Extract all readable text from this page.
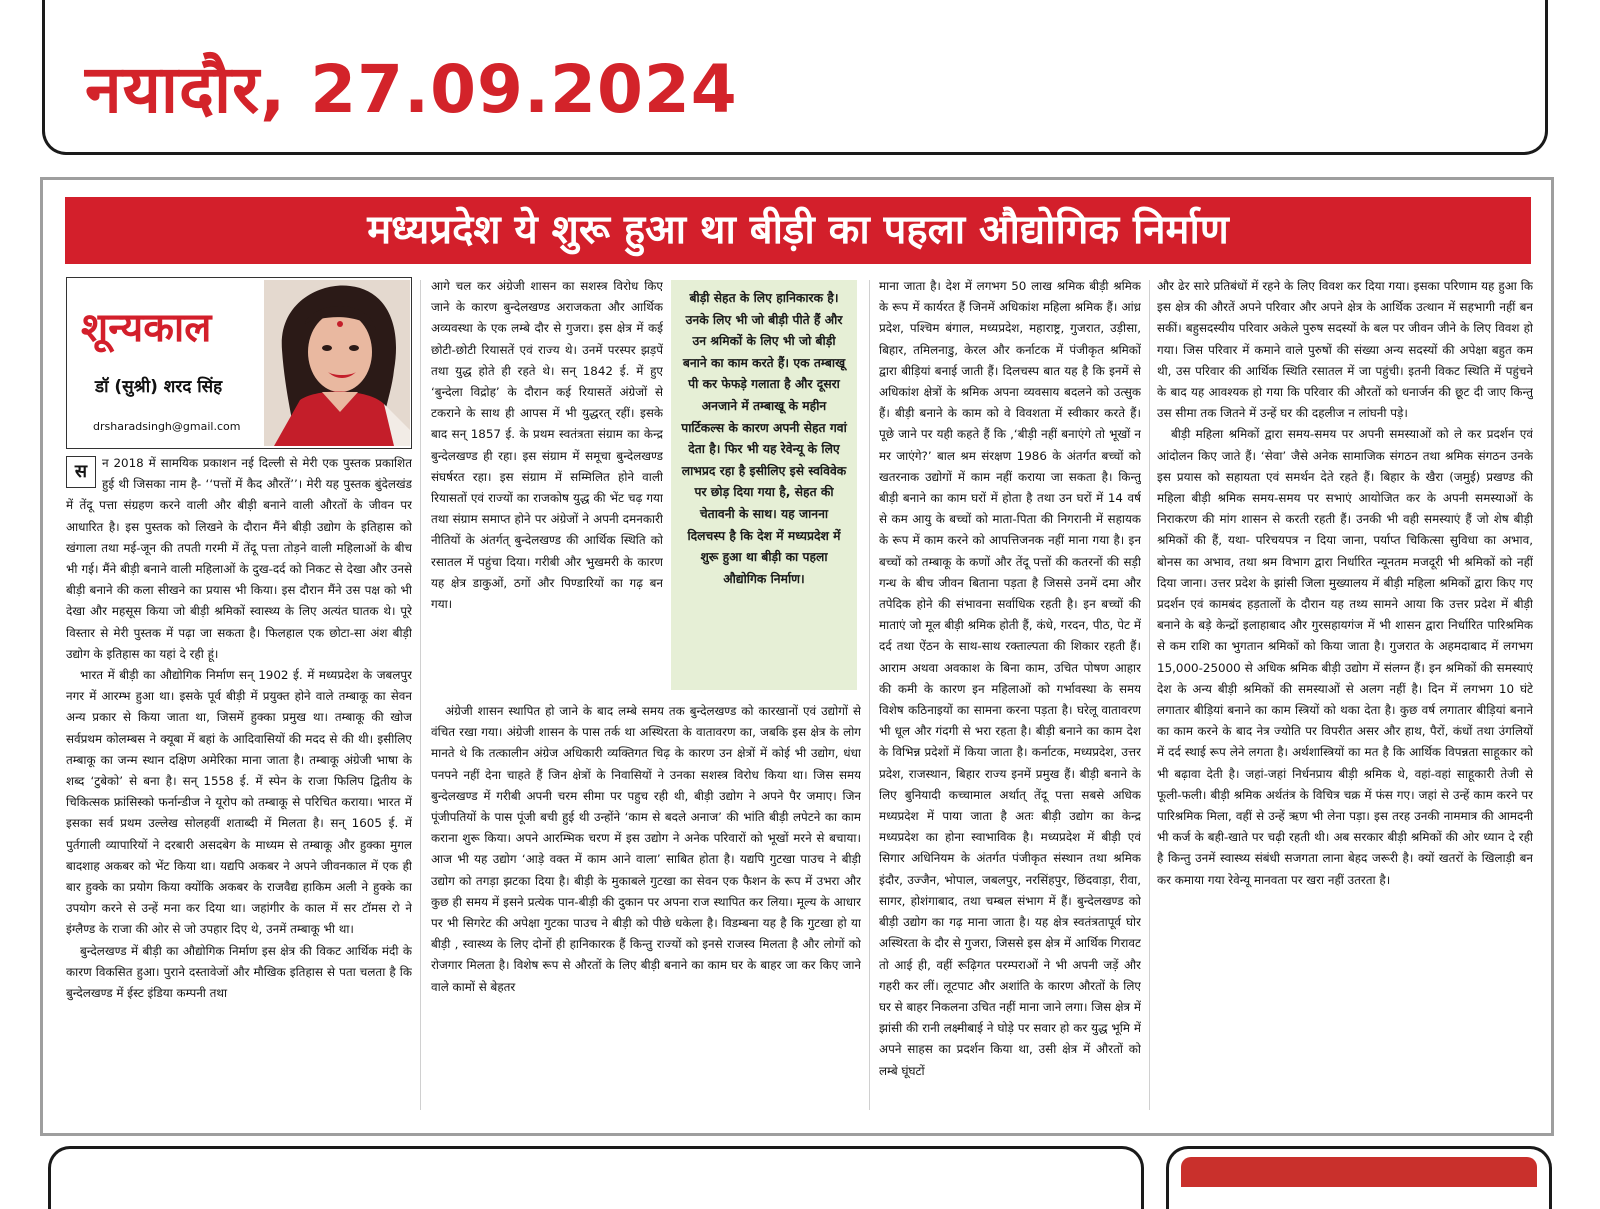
नयादौर, 27.09.2024
मध्यप्रदेश ये शुरू हुआ था बीड़ी का पहला औद्योगिक निर्माण
शून्यकाल
डॉ (सुश्री) शरद सिंह
drsharadsingh@gmail.com

स	न 2018 में सामयिक प्रकाशन नई दिल्ली से मेरी एक पुस्तक प्रकाशित हुई थी जिसका नाम है- ‘‘पत्तों में कैद औरतें’’। मेरी यह पुस्तक बुंदेलखंड में तेंदू पत्ता संग्रहण करने वाली और बीड़ी बनाने वाली औरतों के जीवन पर आधारित है। इस पुस्तक को लिखने के दौरान मैंने बीड़ी उद्योग के इतिहास को खंगाला तथा मई-जून की तपती गरमी में तेंदू पत्ता तोड़ने वाली महिलाओं के बीच भी गई। मैंने बीड़ी बनाने वाली महिलाओं के दुख-दर्द को निकट से देखा और उनसे बीड़ी बनाने की कला सीखने का प्रयास भी किया। इस दौरान मैंने उस पक्ष को भी देखा और महसूस किया जो बीड़ी श्रमिकों स्वास्थ्य के लिए अत्यंत घातक थे। पूरे विस्तार से मेरी पुस्तक में पढ़ा जा सकता है। फिलहाल एक छोटा-सा अंश बीड़ी उद्योग के इतिहास का यहां दे रही हूं।

भारत में बीड़ी का औद्योगिक निर्माण सन् 1902 ई. में मध्यप्रदेश के जबलपुर नगर में आरम्भ हुआ था। इसके पूर्व बीड़ी में प्रयुक्त होने वाले तम्बाकू का सेवन अन्य प्रकार से किया जाता था, जिसमें हुक्का प्रमुख था। तम्बाकू की खोज सर्वप्रथम कोलम्बस ने क्यूबा में बहां के आदिवासियों की मदद से की थी। इसीलिए तम्बाकू का जन्म स्थान दक्षिण अमेरिका माना जाता है। तम्बाकू अंग्रेजी भाषा के शब्द ‘टुबेको’ से बना है। सन् 1558 ई. में स्पेन के राजा फिलिप द्वितीय के चिकित्सक फ्रांसिस्को फर्नान्डीज ने यूरोप को तम्बाकू से परिचित कराया। भारत में इसका सर्व प्रथम उल्लेख सोलहवीं शताब्दी में मिलता है। सन् 1605 ई. में पुर्तगाली व्यापारियों ने दरबारी असदबेग के माध्यम से तम्बाकू और हुक्का मुगल बादशाह अकबर को भेंट किया था। यद्यपि अकबर ने अपने जीवनकाल में एक ही बार हुक्के का प्रयोग किया क्योंकि अकबर के राजवैद्य हाकिम अली ने हुक्के का उपयोग करने से उन्हें मना कर दिया था। जहांगीर के काल में सर टॉमस रो ने इंग्लैण्ड के राजा की ओर से जो उपहार दिए थे, उनमें तम्बाकू भी था।

बुन्देलखण्ड में बीड़ी का औद्योगिक निर्माण इस क्षेत्र की विकट आर्थिक मंदी के कारण विकसित हुआ। पुराने दस्तावेजों और मौखिक इतिहास से पता चलता है कि बुन्देलखण्ड में ईस्ट इंडिया कम्पनी तथा

आगे चल कर अंग्रेजी शासन का सशस्त्र विरोध किए जाने के कारण बुन्देलखण्ड अराजकता और आर्थिक अव्यवस्था के एक लम्बे दौर से गुजरा। इस क्षेत्र में कई छोटी-छोटी रियासतें एवं राज्य थे। उनमें परस्पर झड़पें तथा युद्ध होते ही रहते थे। सन् 1842 ई. में हुए ‘बुन्देला विद्रोह’ के दौरान कई रियासतें अंग्रेजों से टकराने के साथ ही आपस में भी युद्धरत् रहीं। इसके बाद सन् 1857 ई. के प्रथम स्वतंत्रता संग्राम का केन्द्र बुन्देलखण्ड ही रहा। इस संग्राम में समूचा बुन्देलखण्ड संघर्षरत रहा। इस संग्राम में सम्मिलित होने वाली रियासतों एवं राज्यों का राजकोष युद्ध की भेंट चढ़ गया तथा संग्राम समाप्त होने पर अंग्रेजों ने अपनी दमनकारी नीतियों के अंतर्गत् बुन्देलखण्ड की आर्थिक स्थिति को रसातल में पहुंचा दिया। गरीबी और भुखमरी के कारण यह क्षेत्र डाकुओं, ठगों और पिण्डारियों का गढ़ बन गया।

बीड़ी सेहत के लिए हानिकारक है। उनके लिए भी जो बीड़ी पीते हैं और उन श्रमिकों के लिए भी जो बीड़ी बनाने का काम करते हैं। एक तम्बाखू पी कर फेफड़े गलाता है और दूसरा अनजाने में तम्बाखू के महीन पार्टिकल्स के कारण अपनी सेहत गवां देता है। फिर भी यह रेवेन्यू के लिए लाभप्रद रहा है इसीलिए इसे स्वविवेक पर छोड़ दिया गया है, सेहत की चेतावनी के साथ। यह जानना दिलचस्प है कि देश में मध्यप्रदेश में शुरू हुआ था बीड़ी का पहला औद्योगिक निर्माण।

अंग्रेजी शासन स्थापित हो जाने के बाद लम्बे समय तक बुन्देलखण्ड को कारखानों एवं उद्योगों से वंचित रखा गया। अंग्रेजी शासन के पास तर्क था अस्थिरता के वातावरण का, जबकि इस क्षेत्र के लोग मानते थे कि तत्कालीन अंग्रेज अधिकारी व्यक्तिगत चिढ़ के कारण उन क्षेत्रों में कोई भी उद्योग, धंधा पनपने नहीं देना चाहते हैं जिन क्षेत्रों के निवासियों ने उनका सशस्त्र विरोध किया था। जिस समय बुन्देलखण्ड में गरीबी अपनी चरम सीमा पर पहुच रही थी, बीड़ी उद्योग ने अपने पैर जमाए। जिन पूंजीपतियों के पास पूंजी बची हुई थी उन्होंने ‘काम से बदले अनाज’ की भांति बीड़ी लपेटने का काम कराना शुरू किया। अपने आरम्भिक चरण में इस उद्योग ने अनेक परिवारों को भूखों मरने से बचाया। आज भी यह उद्योग ‘आड़े वक्त में काम आने वाला’ साबित होता है। यद्यपि गुटखा पाउच ने बीड़ी उद्योग को तगड़ा झटका दिया है। बीड़ी के मुकाबले गुटखा का सेवन एक फैशन के रूप में उभरा और कुछ ही समय में इसने प्रत्येक पान-बीड़ी की दुकान पर अपना राज स्थापित कर लिया। मूल्य के आधार पर भी सिगरेट की अपेक्षा गुटका पाउच ने बीड़ी को पीछे धकेला है। विडम्बना यह है कि गुटखा हो या बीड़ी , स्वास्थ्य के लिए दोनों ही हानिकारक हैं किन्तु राज्यों को इनसे राजस्व मिलता है और लोगों को रोजगार मिलता है। विशेष रूप से औरतों के लिए बीड़ी बनाने का काम घर के बाहर जा कर किए जाने वाले कामों से बेहतर

माना जाता है। देश में लगभग 50 लाख श्रमिक बीड़ी श्रमिक के रूप में कार्यरत हैं जिनमें अधिकांश महिला श्रमिक हैं। आंध्र प्रदेश, पश्चिम बंगाल, मध्यप्रदेश, महाराष्ट्र, गुजरात, उड़ीसा, बिहार, तमिलनाडु, केरल और कर्नाटक में पंजीकृत श्रमिकों द्वारा बीड़ियां बनाई जाती हैं। दिलचस्प बात यह है कि इनमें से अधिकांश क्षेत्रों के श्रमिक अपना व्यवसाय बदलने को उत्सुक हैं। बीड़ी बनाने के काम को वे विवशता में स्वीकार करते हैं। पूछे जाने पर यही कहते हैं कि ,‘बीड़ी नहीं बनाएंगे तो भूखों न मर जाएंगे?’ बाल श्रम संरक्षण 1986 के अंतर्गत बच्चों को खतरनाक उद्योगों में काम नहीं कराया जा सकता है। किन्तु बीड़ी बनाने का काम घरों में होता है तथा उन घरों में 14 वर्ष से कम आयु के बच्चों को माता-पिता की निगरानी में सहायक के रूप में काम करने को आपत्तिजनक नहीं माना गया है। इन बच्चों को तम्बाकू के कणों और तेंदू पत्तों की कतरनों की सड़ी गन्ध के बीच जीवन बिताना पड़ता है जिससे उनमें दमा और तपेदिक होने की संभावना सर्वाधिक रहती है। इन बच्चों की माताएं जो मूल बीड़ी श्रमिक होती हैं, कंधे, गरदन, पीठ, पेट में दर्द तथा ऐंठन के साथ-साथ रक्ताल्पता की शिकार रहती हैं। आराम अथवा अवकाश के बिना काम, उचित पोषण आहार की कमी के कारण इन महिलाओं को गर्भावस्था के समय विशेष कठिनाइयों का सामना करना पड़ता है। घरेलू वातावरण भी धूल और गंदगी से भरा रहता है। बीड़ी बनाने का काम देश के विभिन्न प्रदेशों में किया जाता है। कर्नाटक, मध्यप्रदेश, उत्तर प्रदेश, राजस्थान, बिहार राज्य इनमें प्रमुख हैं। बीड़ी बनाने के लिए बुनियादी कच्चामाल अर्थात् तेंदू पत्ता सबसे अधिक मध्यप्रदेश में पाया जाता है अतः बीड़ी उद्योग का केन्द्र मध्यप्रदेश का होना स्वाभाविक है। मध्यप्रदेश में बीड़ी एवं सिगार अधिनियम के अंतर्गत पंजीकृत संस्थान तथा श्रमिक इंदौर, उज्जैन, भोपाल, जबलपुर, नरसिंहपुर, छिंदवाड़ा, रीवा, सागर, होशंगाबाद, तथा चम्बल संभाग में हैं। बुन्देलखण्ड को बीड़ी उद्योग का गढ़ माना जाता है। यह क्षेत्र स्वतंत्रतापूर्व घोर अस्थिरता के दौर से गुजरा, जिससे इस क्षेत्र में आर्थिक गिरावट तो आई ही, वहीं रूढ़िगत परम्पराओं ने भी अपनी जड़ें और गहरी कर लीं। लूटपाट और अशांति के कारण औरतों के लिए घर से बाहर निकलना उचित नहीं माना जाने लगा। जिस क्षेत्र में झांसी की रानी लक्ष्मीबाई ने घोड़े पर सवार हो कर युद्ध भूमि में अपने साहस का प्रदर्शन किया था, उसी क्षेत्र में औरतों को लम्बे घूंघटों

और ढेर सारे प्रतिबंधों में रहने के लिए विवश कर दिया गया। इसका परिणाम यह हुआ कि इस क्षेत्र की औरतें अपने परिवार और अपने क्षेत्र के आर्थिक उत्थान में सहभागी नहीं बन सकीं। बहुसदस्यीय परिवार अकेले पुरुष सदस्यों के बल पर जीवन जीने के लिए विवश हो गया। जिस परिवार में कमाने वाले पुरुषों की संख्या अन्य सदस्यों की अपेक्षा बहुत कम थी, उस परिवार की आर्थिक स्थिति रसातल में जा पहुंची। इतनी विकट स्थिति में पहुंचने के बाद यह आवश्यक हो गया कि परिवार की औरतों को धनार्जन की छूट दी जाए किन्तु उस सीमा तक जितने में उन्हें घर की दहलीज न लांघनी पड़े।

बीड़ी महिला श्रमिकों द्वारा समय-समय पर अपनी समस्याओं को ले कर प्रदर्शन एवं आंदोलन किए जाते हैं। ‘सेवा’ जैसे अनेक सामाजिक संगठन तथा श्रमिक संगठन उनके इस प्रयास को सहायता एवं समर्थन देते रहते हैं। बिहार के खैरा (जमुई) प्रखण्ड की महिला बीड़ी श्रमिक समय-समय पर सभाएं आयोजित कर के अपनी समस्याओं के निराकरण की मांग शासन से करती रहती हैं। उनकी भी वही समस्याएं हैं जो शेष बीड़ी श्रमिकों की हैं, यथा- परिचयपत्र न दिया जाना, पर्याप्त चिकित्सा सुविधा का अभाव, बोनस का अभाव, तथा श्रम विभाग द्वारा निर्धारित न्यूनतम मजदूरी भी श्रमिकों को नहीं दिया जाना। उत्तर प्रदेश के झांसी जिला मुख्यालय में बीड़ी महिला श्रमिकों द्वारा किए गए प्रदर्शन एवं कामबंद हड़तालों के दौरान यह तथ्य सामने आया कि उत्तर प्रदेश में बीड़ी बनाने के बड़े केन्द्रों इलाहाबाद और गुरसहायगंज में भी शासन द्वारा निर्धारित पारिश्रमिक से कम राशि का भुगतान श्रमिकों को किया जाता है। गुजरात के अहमदाबाद में लगभग 15,000-25000 से अधिक श्रमिक बीड़ी उद्योग में संलग्न हैं। इन श्रमिकों की समस्याएं देश के अन्य बीड़ी श्रमिकों की समस्याओं से अलग नहीं है। दिन में लगभग 10 घंटे लगातार बीड़ियां बनाने का काम स्त्रियों को थका देता है। कुछ वर्ष लगातार बीड़ियां बनाने का काम करने के बाद नेत्र ज्योति पर विपरीत असर और हाथ, पैरों, कंधों तथा उंगलियों में दर्द स्थाई रूप लेने लगता है। अर्थशास्त्रियों का मत है कि आर्थिक विपन्नता साहूकार को भी बढ़ावा देती है। जहां-जहां निर्धनप्राय बीड़ी श्रमिक थे, वहां-वहां साहूकारी तेजी से फूली-फली। बीड़ी श्रमिक अर्थतंत्र के विचित्र चक्र में फंस गए। जहां से उन्हें काम करने पर पारिश्रमिक मिला, वहीं से उन्हें ऋण भी लेना पड़ा। इस तरह उनकी नाममात्र की आमदनी भी कर्ज के बही-खाते पर चढ़ी रहती थी। अब सरकार बीड़ी श्रमिकों की ओर ध्यान दे रही है किन्तु उनमें स्वास्थ्य संबंधी सजगता लाना बेहद जरूरी है। क्यों खतरों के खिलाड़ी बन कर कमाया गया रेवेन्यू मानवता पर खरा नहीं उतरता है।
